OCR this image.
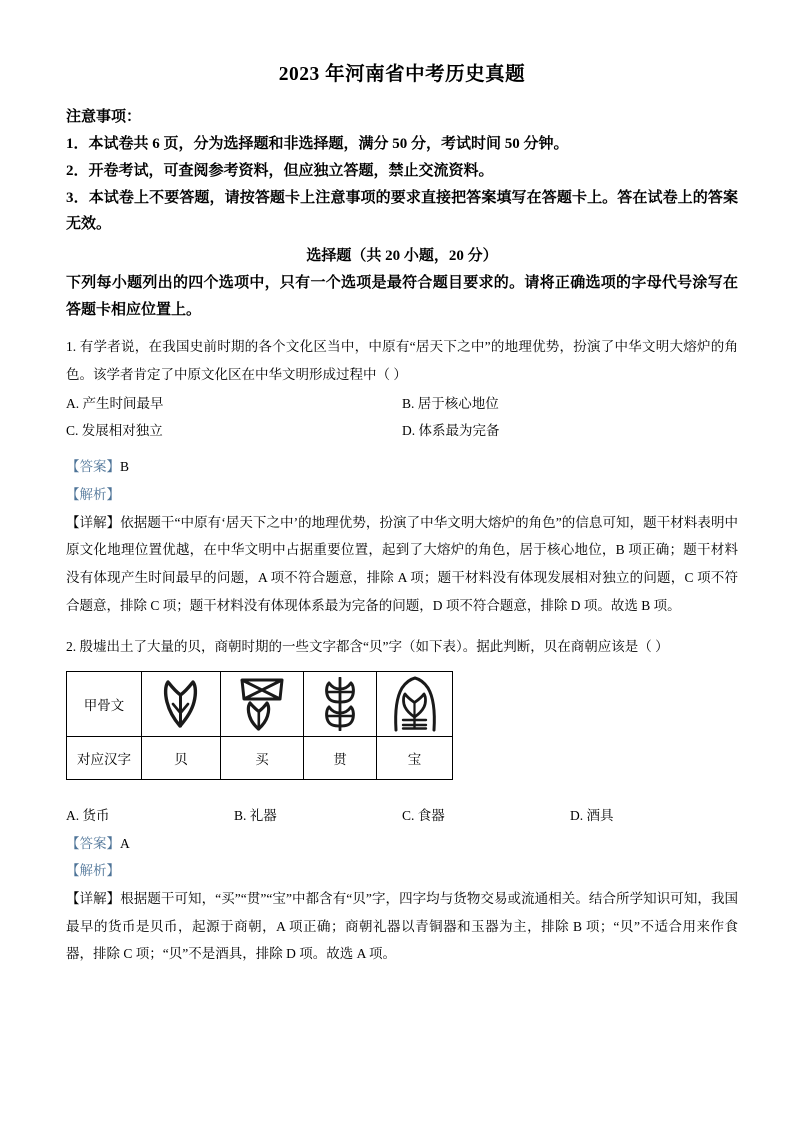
2023 年河南省中考历史真题
注意事项：
1．本试卷共 6 页，分为选择题和非选择题，满分 50 分，考试时间 50 分钟。
2．开卷考试，可查阅参考资料，但应独立答题，禁止交流资料。
3．本试卷上不要答题，请按答题卡上注意事项的要求直接把答案填写在答题卡上。答在试卷上的答案无效。
选择题（共 20 小题，20 分）
下列每小题列出的四个选项中，只有一个选项是最符合题目要求的。请将正确选项的字母代号涂写在答题卡相应位置上。
1. 有学者说，在我国史前时期的各个文化区当中，中原有“居天下之中”的地理优势，扮演了中华文明大熔炉的角色。该学者肯定了中原文化区在中华文明形成过程中（ ）
A. 产生时间最早	B. 居于核心地位
C. 发展相对独立	D. 体系最为完备
【答案】B
【解析】
【详解】依据题干“中原有‘居天下之中’的地理优势，扮演了中华文明大熔炉的角色”的信息可知，题干材料表明中原文化地理位置优越，在中华文明中占据重要位置，起到了大熔炉的角色，居于核心地位，B 项正确；题干材料没有体现产生时间最早的问题，A 项不符合题意，排除 A 项；题干材料没有体现发展相对独立的问题，C 项不符合题意，排除 C 项；题干材料没有体现体系最为完备的问题，D 项不符合题意，排除 D 项。故选 B 项。
2. 殷墟出土了大量的贝，商朝时期的一些文字都含“贝”字（如下表）。据此判断，贝在商朝应该是（ ）
甲骨文	

对应汉字	贝	买	贯	宝
A. 货币	B. 礼器	C. 食器	D. 酒具
【答案】A
【解析】
【详解】根据题干可知，“买”“贯”“宝”中都含有“贝”字，四字均与货物交易或流通相关。结合所学知识可知，我国最早的货币是贝币，起源于商朝，A 项正确；商朝礼器以青铜器和玉器为主，排除 B 项；“贝”不适合用来作食器，排除 C 项；“贝”不是酒具，排除 D 项。故选 A 项。
